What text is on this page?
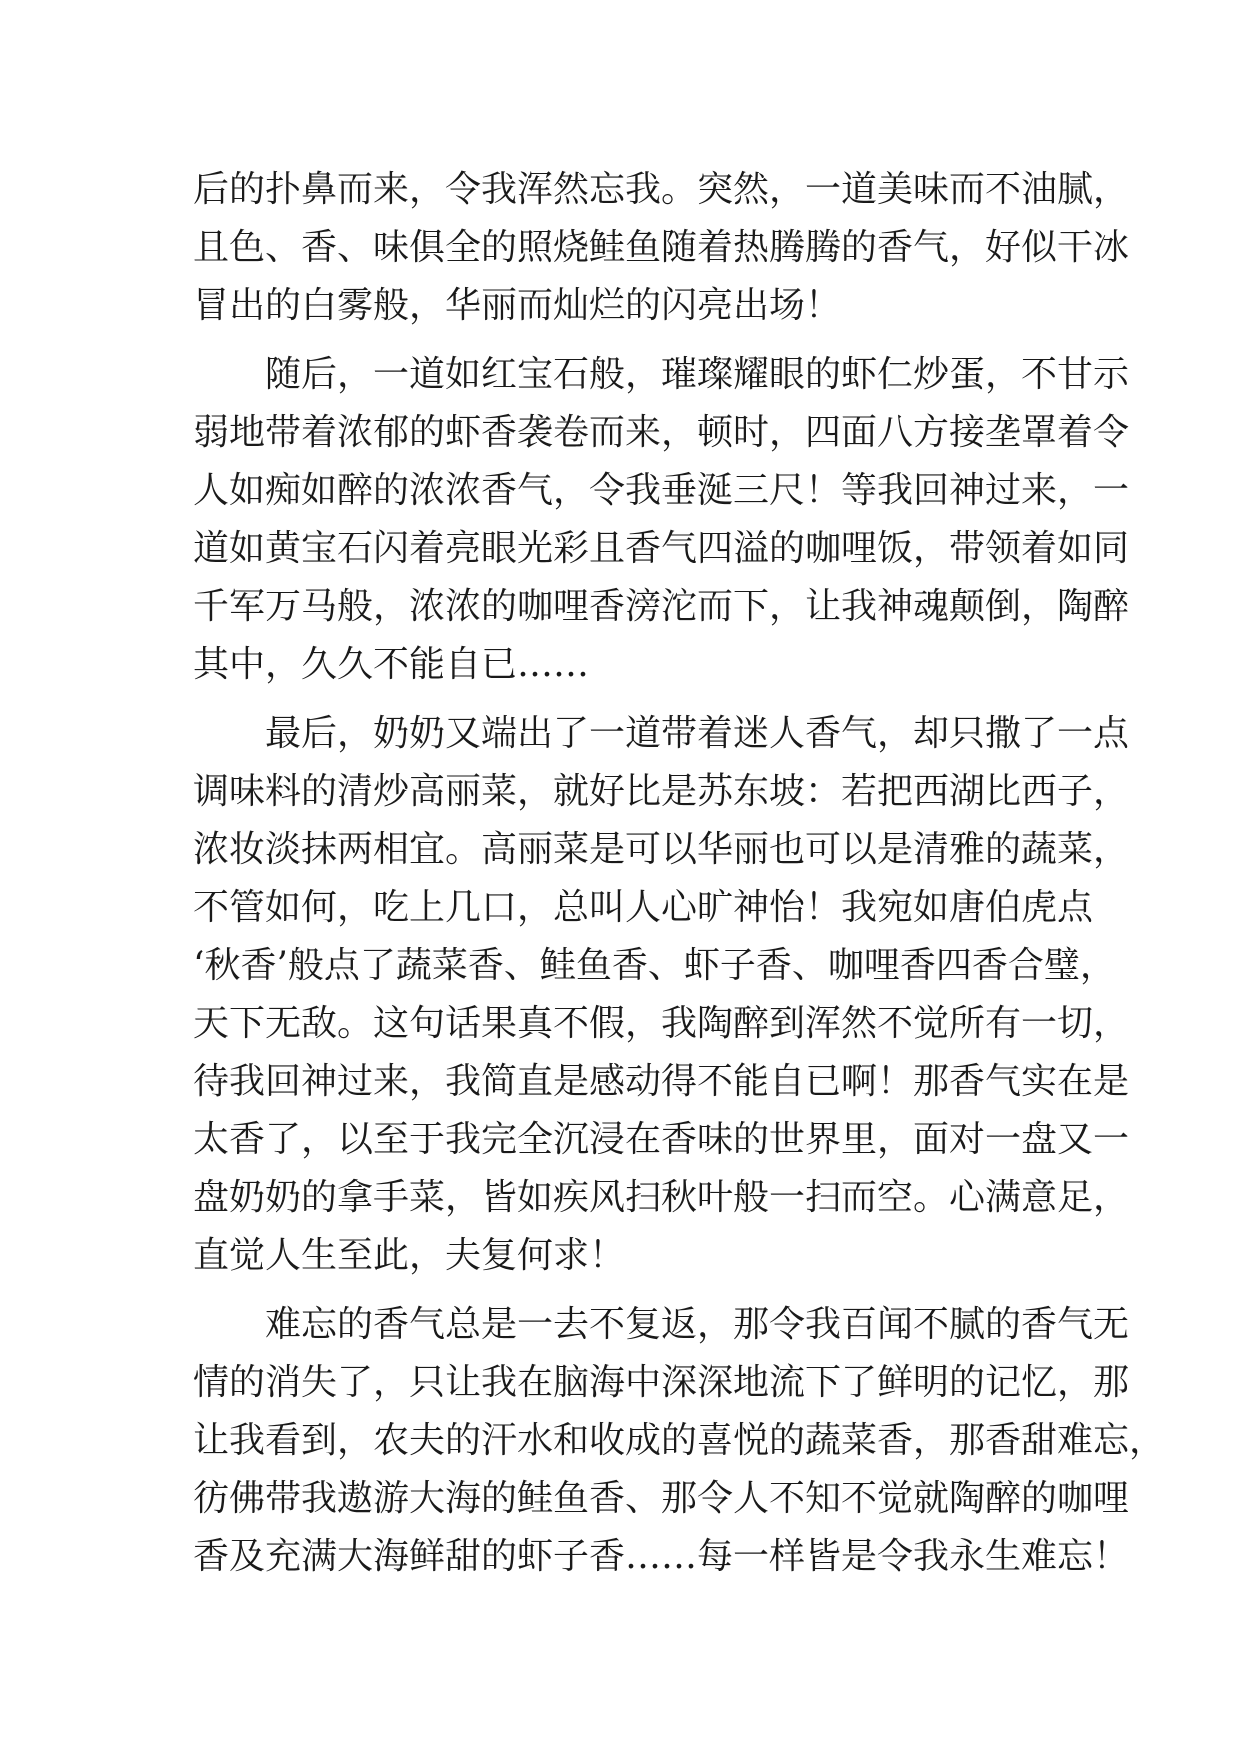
后的扑鼻而来，令我浑然忘我。突然，一道美味而不油腻，
且色、香、味俱全的照烧鲑鱼随着热腾腾的香气，好似干冰
冒出的白雾般，华丽而灿烂的闪亮出场！
随后，一道如红宝石般，璀璨耀眼的虾仁炒蛋，不甘示
弱地带着浓郁的虾香袭卷而来，顿时，四面八方接垄罩着令
人如痴如醉的浓浓香气，令我垂涎三尺！等我回神过来，一
道如黄宝石闪着亮眼光彩且香气四溢的咖哩饭，带领着如同
千军万马般，浓浓的咖哩香滂沱而下，让我神魂颠倒，陶醉
其中，久久不能自已……
最后，奶奶又端出了一道带着迷人香气，却只撒了一点
调味料的清炒高丽菜，就好比是苏东坡：若把西湖比西子，
浓妆淡抹两相宜。高丽菜是可以华丽也可以是清雅的蔬菜，
不管如何，吃上几口，总叫人心旷神怡！我宛如唐伯虎点
‘秋香’般点了蔬菜香、鲑鱼香、虾子香、咖哩香四香合璧，
天下无敌。这句话果真不假，我陶醉到浑然不觉所有一切，
待我回神过来，我简直是感动得不能自已啊！那香气实在是
太香了，以至于我完全沉浸在香味的世界里，面对一盘又一
盘奶奶的拿手菜，皆如疾风扫秋叶般一扫而空。心满意足，
直觉人生至此，夫复何求！
难忘的香气总是一去不复返，那令我百闻不腻的香气无
情的消失了，只让我在脑海中深深地流下了鲜明的记忆，那
让我看到，农夫的汗水和收成的喜悦的蔬菜香，那香甜难忘，
彷佛带我遨游大海的鲑鱼香、那令人不知不觉就陶醉的咖哩
香及充满大海鲜甜的虾子香……每一样皆是令我永生难忘！
